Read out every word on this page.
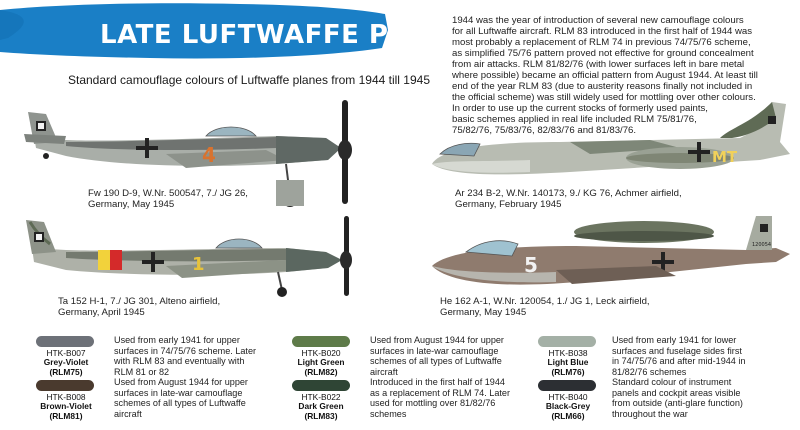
LATE LUFTWAFFE PAINT SET
Standard camouflage colours of Luftwaffe planes from 1944 till 1945
1944 was the year of introduction of several new camouflage colours
for all Luftwaffe aircraft. RLM 83 introduced in the first half of 1944 was
most probably a replacement of RLM 74 in previous 74/75/76 scheme,
as simplified 75/76 pattern proved not effective for ground concealment
from air attacks. RLM 81/82/76 (with lower surfaces left in bare metal
where possible) became an official pattern from August 1944. At least till
end of the year RLM 83 (due to austerity reasons finally not included in
the official scheme) was still widely used for mottling over other colours.
In order to use up the current stocks of formerly used paints,
basic schemes applied in real life included RLM 75/81/76,
75/82/76, 75/83/76, 82/83/76 and 81/83/76.
4
Fw 190 D-9, W.Nr. 500547, 7./ JG 26,
Germany, May 1945
MT
Ar 234 B-2, W.Nr. 140173, 9./ KG 76, Achmer airfield,
Germany, February 1945
1
Ta 152 H-1, 7./ JG 301, Alteno airfield,
Germany, April 1945
120054
5
He 162 A-1, W.Nr. 120054, 1./ JG 1, Leck airfield,
Germany, May 1945
HTK-B007
Grey-Violet
(RLM75)
Used from early 1941 for upper
surfaces in 74/75/76 scheme. Later
with RLM 83 and eventually with
RLM 81 or 82
HTK-B008
Brown-Violet
(RLM81)
Used from August 1944 for upper
surfaces in late-war camouflage
schemes of all types of Luftwaffe
aircraft
HTK-B020
Light Green
(RLM82)
Used from August 1944 for upper
surfaces in late-war camouflage
schemes of all types of Luftwaffe
aircraft
HTK-B022
Dark Green
(RLM83)
Introduced in the first half of 1944
as a replacement of RLM 74. Later
used for mottling over 81/82/76
schemes
HTK-B038
Light Blue
(RLM76)
Used from early 1941 for lower
surfaces and fuselage sides first
in 74/75/76 and after mid-1944 in
81/82/76 schemes
HTK-B040
Black-Grey
(RLM66)
Standard colour of instrument
panels and cockpit areas visible
from outside (anti-glare function)
throughout the war
